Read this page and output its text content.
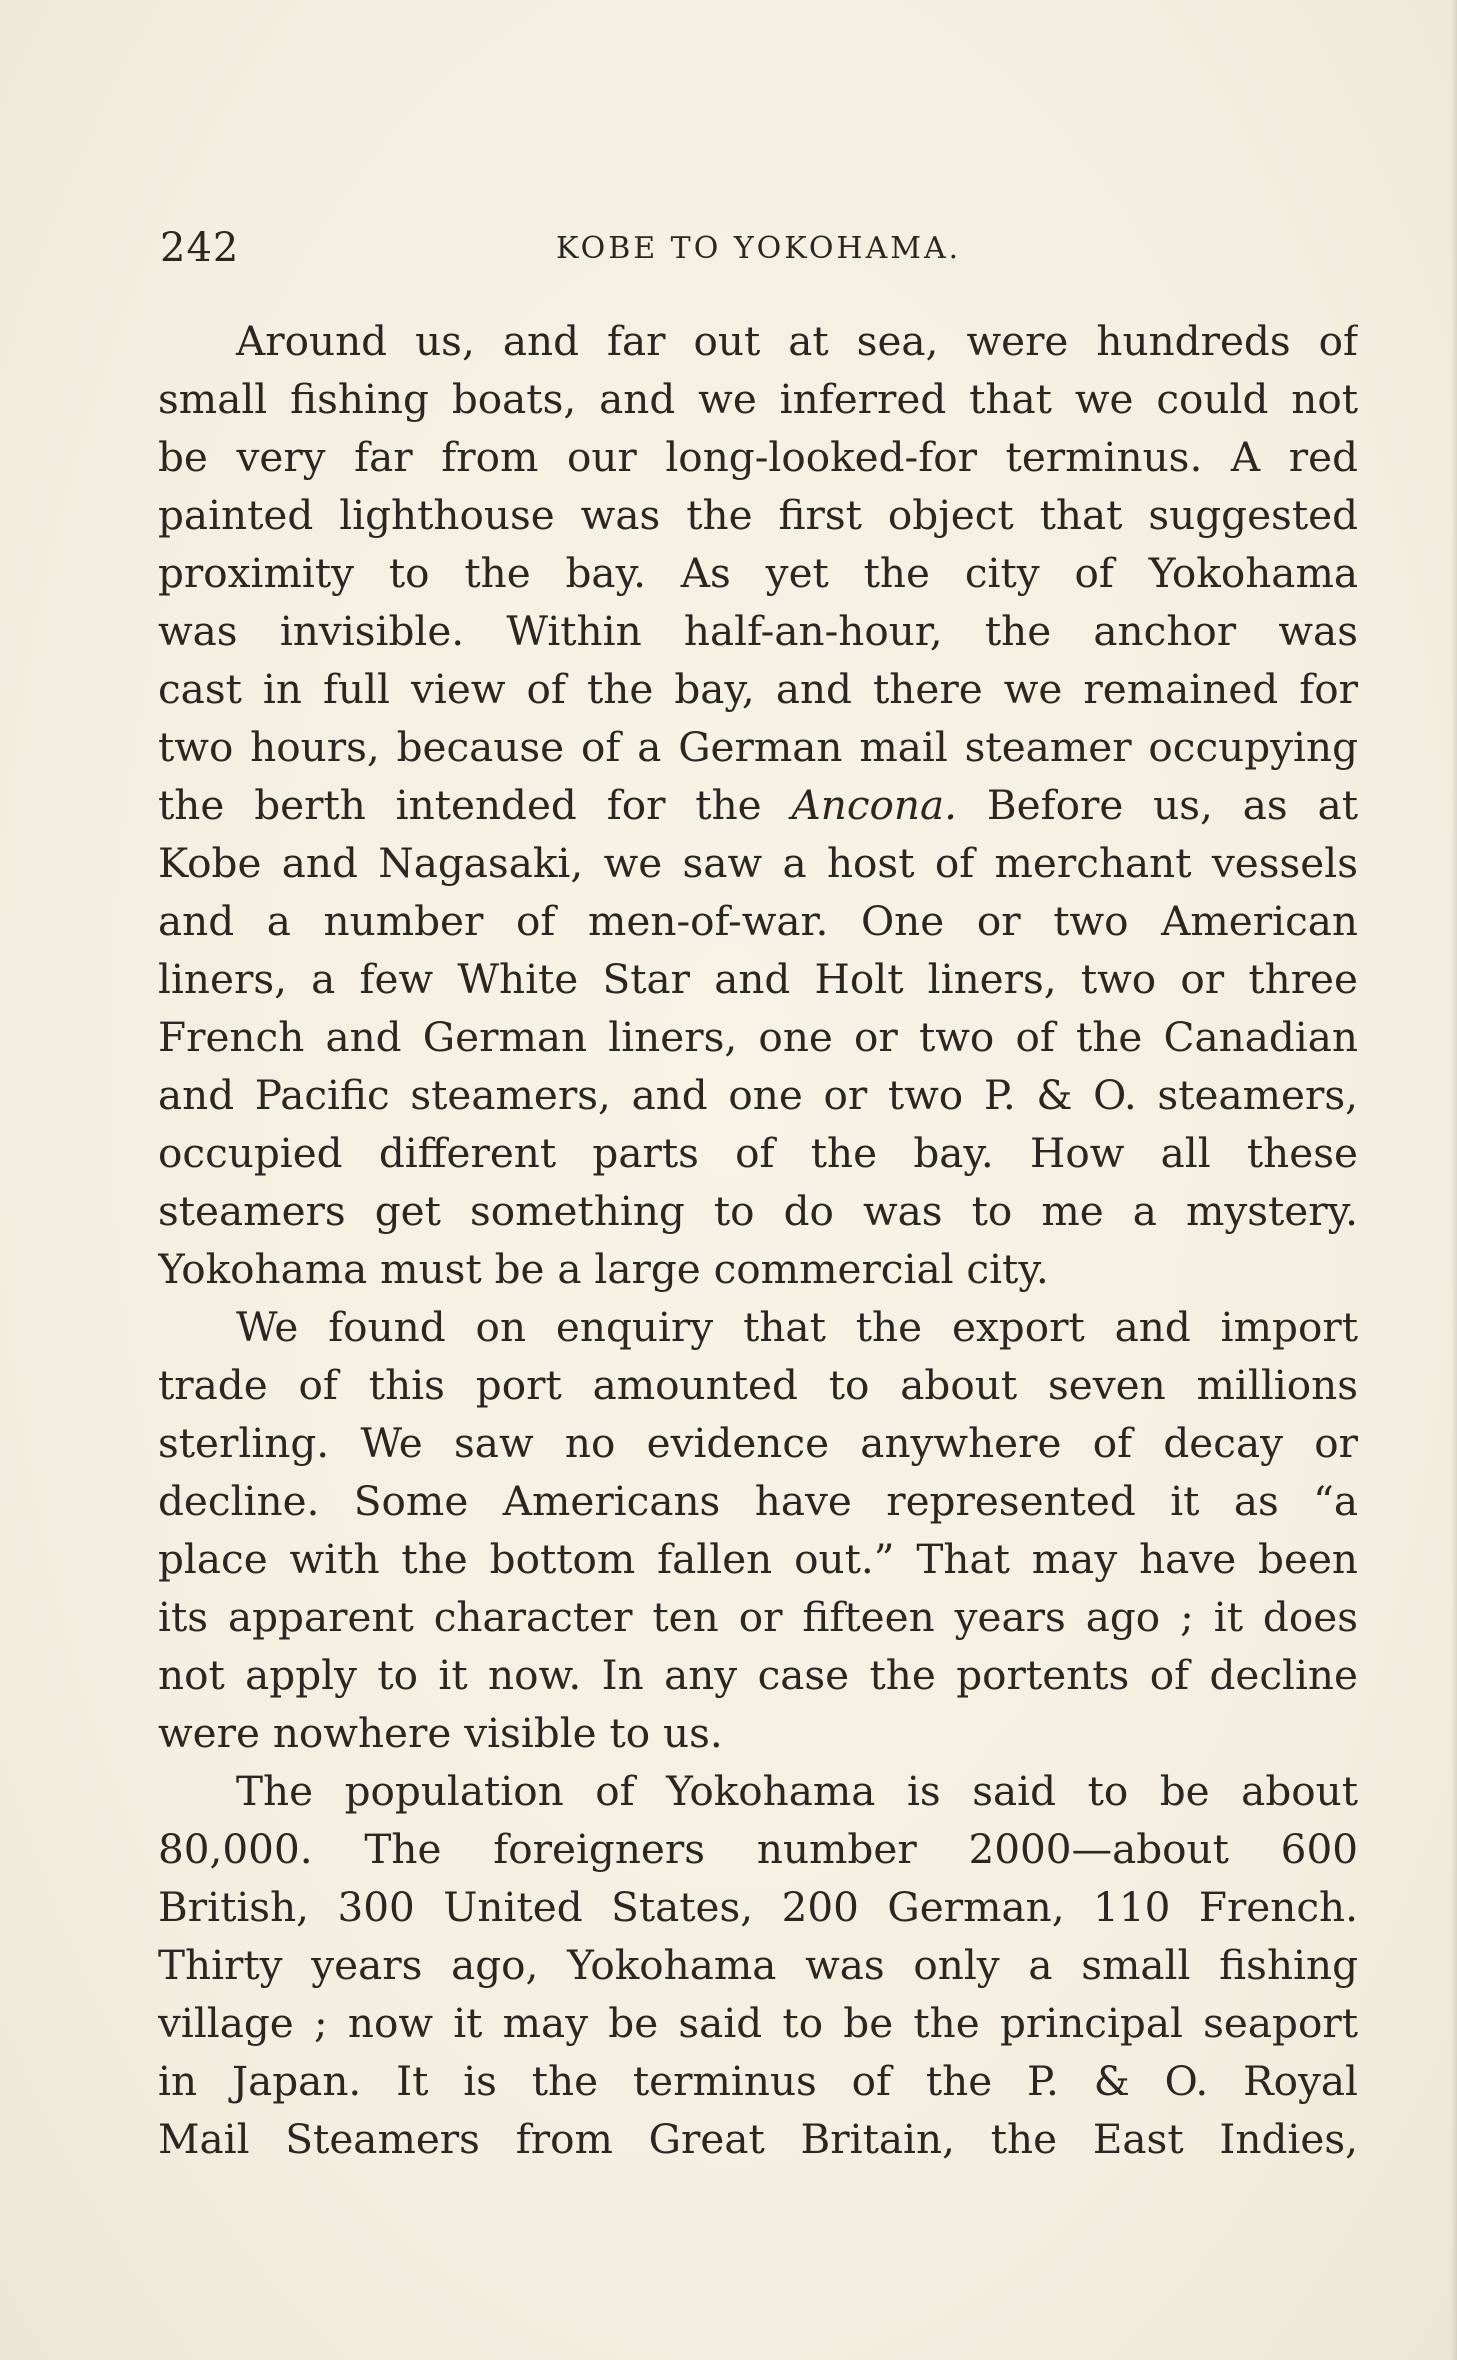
242	KOBE TO YOKOHAMA.
Around us, and far out at sea, were hundreds of
small fishing boats, and we inferred that we could not
be very far from our long-looked-for terminus. A red
painted lighthouse was the first object that suggested
proximity to the bay. As yet the city of Yokohama
was invisible. Within half-an-hour, the anchor was
cast in full view of the bay, and there we remained for
two hours, because of a German mail steamer occupying
the berth intended for the Ancona. Before us, as at
Kobe and Nagasaki, we saw a host of merchant vessels
and a number of men-of-war. One or two American
liners, a few White Star and Holt liners, two or three
French and German liners, one or two of the Canadian
and Pacific steamers, and one or two P. & O. steamers,
occupied different parts of the bay. How all these
steamers get something to do was to me a mystery.
Yokohama must be a large commercial city.
We found on enquiry that the export and import
trade of this port amounted to about seven millions
sterling. We saw no evidence anywhere of decay or
decline. Some Americans have represented it as “a
place with the bottom fallen out.” That may have been
its apparent character ten or fifteen years ago ; it does
not apply to it now. In any case the portents of decline
were nowhere visible to us.
The population of Yokohama is said to be about
80,000. The foreigners number 2000—about 600
British, 300 United States, 200 German, 110 French.
Thirty years ago, Yokohama was only a small fishing
village ; now it may be said to be the principal seaport
in Japan. It is the terminus of the P. & O. Royal
Mail Steamers from Great Britain, the East Indies,
